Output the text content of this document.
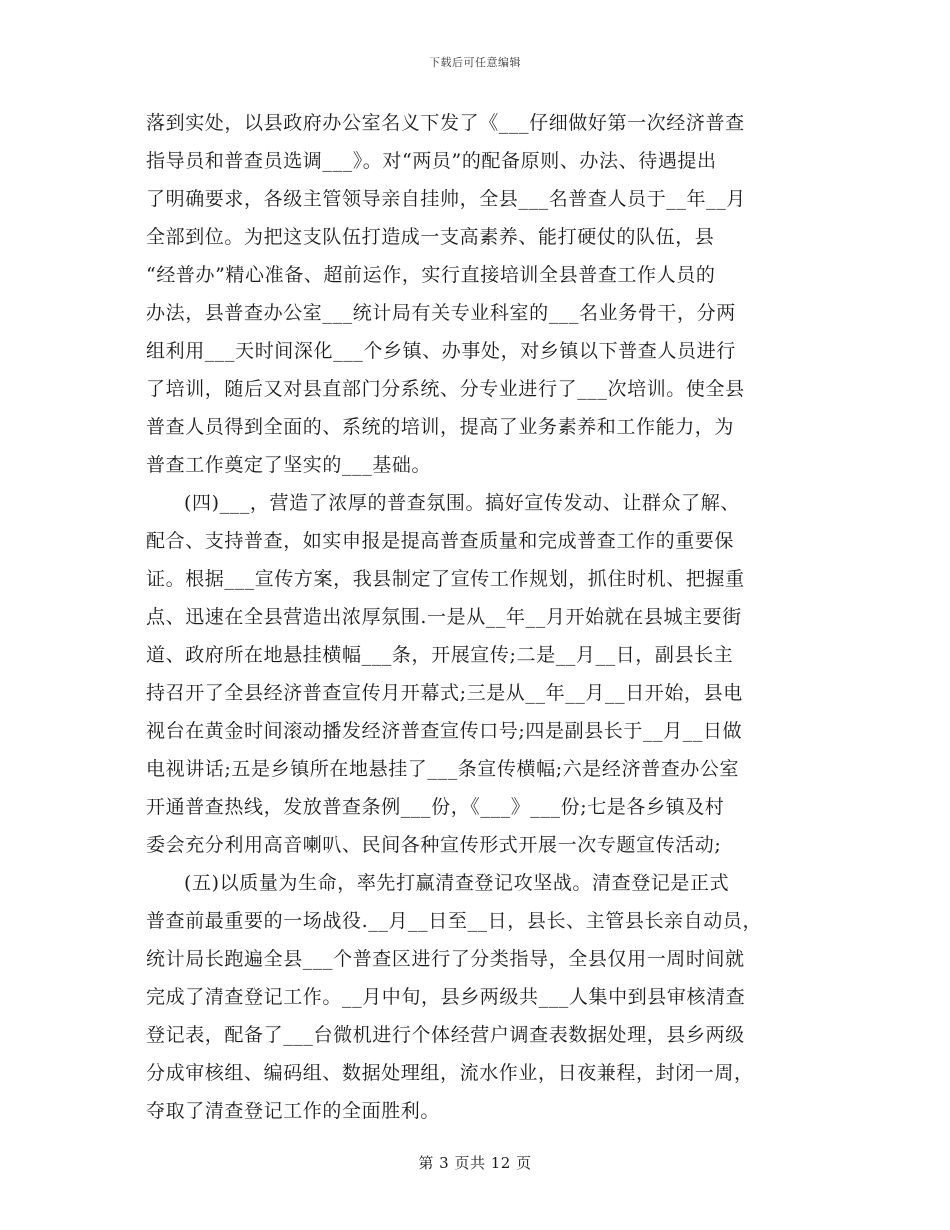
下载后可任意编辑
落到实处，以县政府办公室名义下发了《___仔细做好第一次经济普查
指导员和普查员选调___》。对“两员”的配备原则、办法、待遇提出
了明确要求，各级主管领导亲自挂帅，全县___名普查人员于__年__月
全部到位。为把这支队伍打造成一支高素养、能打硬仗的队伍，县
“经普办”精心准备、超前运作，实行直接培训全县普查工作人员的
办法，县普查办公室___统计局有关专业科室的___名业务骨干，分两
组利用___天时间深化___个乡镇、办事处，对乡镇以下普查人员进行
了培训，随后又对县直部门分系统、分专业进行了___次培训。使全县
普查人员得到全面的、系统的培训，提高了业务素养和工作能力，为
普查工作奠定了坚实的___基础。
(四)___，营造了浓厚的普查氛围。搞好宣传发动、让群众了解、
配合、支持普查，如实申报是提高普查质量和完成普查工作的重要保
证。根据___宣传方案，我县制定了宣传工作规划，抓住时机、把握重
点、迅速在全县营造出浓厚氛围.一是从__年__月开始就在县城主要街
道、政府所在地悬挂横幅___条，开展宣传;二是__月__日，副县长主
持召开了全县经济普查宣传月开幕式;三是从__年__月__日开始，县电
视台在黄金时间滚动播发经济普查宣传口号;四是副县长于__月__日做
电视讲话;五是乡镇所在地悬挂了___条宣传横幅;六是经济普查办公室
开通普查热线，发放普查条例___份，《___》___份;七是各乡镇及村
委会充分利用高音喇叭、民间各种宣传形式开展一次专题宣传活动;
(五)以质量为生命，率先打赢清查登记攻坚战。清查登记是正式
普查前最重要的一场战役.__月__日至__日，县长、主管县长亲自动员，
统计局长跑遍全县___个普查区进行了分类指导，全县仅用一周时间就
完成了清查登记工作。__月中旬，县乡两级共___人集中到县审核清查
登记表，配备了___台微机进行个体经营户调查表数据处理，县乡两级
分成审核组、编码组、数据处理组，流水作业，日夜兼程，封闭一周，
夺取了清查登记工作的全面胜利。
第 3 页共 12 页
